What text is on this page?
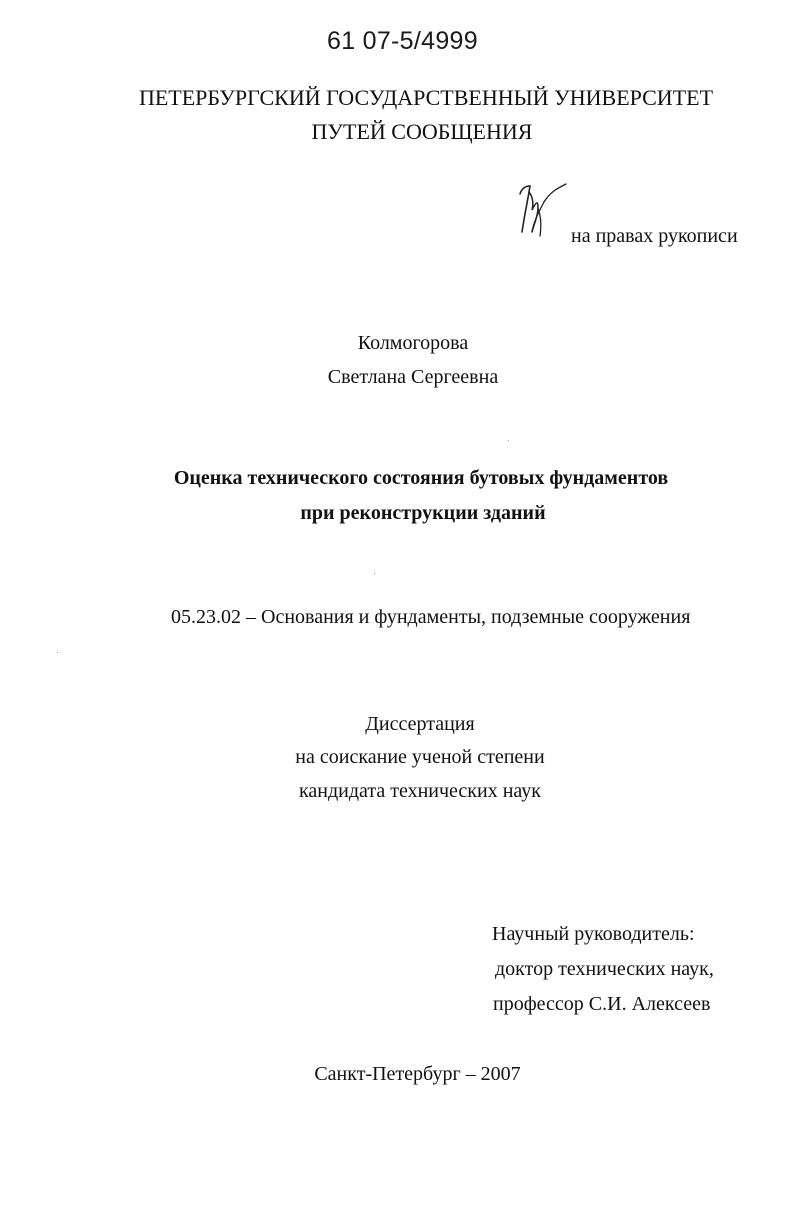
61 07-5/4999
ПЕТЕРБУРГСКИЙ ГОСУДАРСТВЕННЫЙ УНИВЕРСИТЕТ
ПУТЕЙ СООБЩЕНИЯ
на правах рукописи
Колмогорова
Светлана Сергеевна
Оценка технического состояния бутовых фундаментов
при реконструкции зданий
05.23.02 – Основания и фундаменты, подземные сооружения
Диссертация
на соискание ученой степени
кандидата технических наук
Научный руководитель:
доктор технических наук,
профессор С.И. Алексеев
Санкт-Петербург – 2007
